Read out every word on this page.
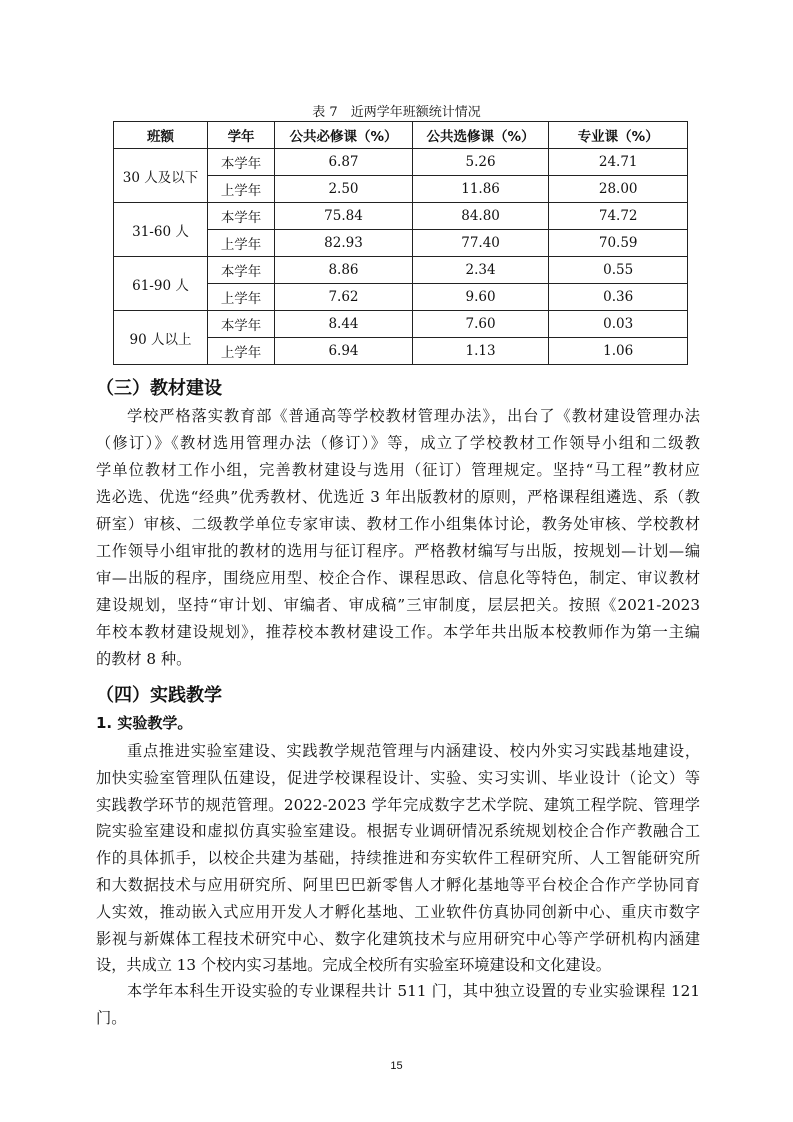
表 7　近两学年班额统计情况
班额	学年	公共必修课（%）	公共选修课（%）	专业课（%）
30 人及以下	本学年	6.87	5.26	24.71
	上学年	2.50	11.86	28.00
31-60 人	本学年	75.84	84.80	74.72
	上学年	82.93	77.40	70.59
61-90 人	本学年	8.86	2.34	0.55
	上学年	7.62	9.60	0.36
90 人以上	本学年	8.44	7.60	0.03
	上学年	6.94	1.13	1.06
（三）教材建设
学校严格落实教育部《普通高等学校教材管理办法》，出台了《教材建设管理办法
（修订）》《教材选用管理办法（修订）》等，成立了学校教材工作领导小组和二级教
学单位教材工作小组，完善教材建设与选用（征订）管理规定。坚持“马工程”教材应
选必选、优选“经典”优秀教材、优选近 3 年出版教材的原则，严格课程组遴选、系（教
研室）审核、二级教学单位专家审读、教材工作小组集体讨论，教务处审核、学校教材
工作领导小组审批的教材的选用与征订程序。严格教材编写与出版，按规划—计划—编
审—出版的程序，围绕应用型、校企合作、课程思政、信息化等特色，制定、审议教材
建设规划，坚持“审计划、审编者、审成稿”三审制度，层层把关。按照《2021-2023
年校本教材建设规划》，推荐校本教材建设工作。本学年共出版本校教师作为第一主编
的教材 8 种。
（四）实践教学
1. 实验教学。
重点推进实验室建设、实践教学规范管理与内涵建设、校内外实习实践基地建设，
加快实验室管理队伍建设，促进学校课程设计、实验、实习实训、毕业设计（论文）等
实践教学环节的规范管理。2022-2023 学年完成数字艺术学院、建筑工程学院、管理学
院实验室建设和虚拟仿真实验室建设。根据专业调研情况系统规划校企合作产教融合工
作的具体抓手，以校企共建为基础，持续推进和夯实软件工程研究所、人工智能研究所
和大数据技术与应用研究所、阿里巴巴新零售人才孵化基地等平台校企合作产学协同育
人实效，推动嵌入式应用开发人才孵化基地、工业软件仿真协同创新中心、重庆市数字
影视与新媒体工程技术研究中心、数字化建筑技术与应用研究中心等产学研机构内涵建
设，共成立 13 个校内实习基地。完成全校所有实验室环境建设和文化建设。
本学年本科生开设实验的专业课程共计 511 门，其中独立设置的专业实验课程 121
门。
15
